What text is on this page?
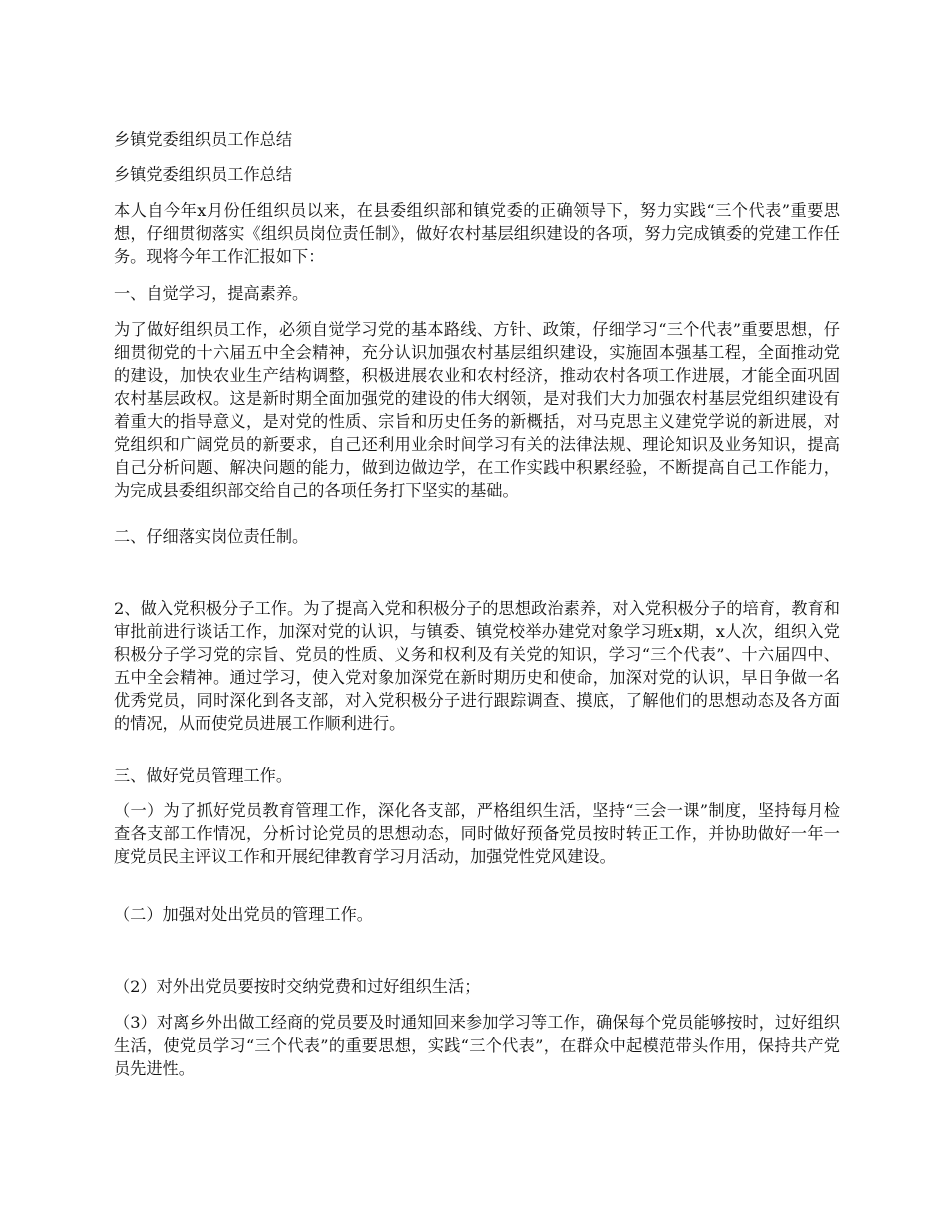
乡镇党委组织员工作总结

乡镇党委组织员工作总结

本人自今年x月份任组织员以来，在县委组织部和镇党委的正确领导下，努力实践“三个代表”重要思想，仔细贯彻落实《组织员岗位责任制》，做好农村基层组织建设的各项，努力完成镇委的党建工作任务。现将今年工作汇报如下：

一、自觉学习，提高素养。

为了做好组织员工作，必须自觉学习党的基本路线、方针、政策，仔细学习“三个代表”重要思想，仔细贯彻党的十六届五中全会精神，充分认识加强农村基层组织建设，实施固本强基工程，全面推动党的建设，加快农业生产结构调整，积极进展农业和农村经济，推动农村各项工作进展，才能全面巩固农村基层政权。这是新时期全面加强党的建设的伟大纲领，是对我们大力加强农村基层党组织建设有着重大的指导意义，是对党的性质、宗旨和历史任务的新概括，对马克思主义建党学说的新进展，对党组织和广阔党员的新要求，自己还利用业余时间学习有关的法律法规、理论知识及业务知识，提高自己分析问题、解决问题的能力，做到边做边学，在工作实践中积累经验，不断提高自己工作能力，为完成县委组织部交给自己的各项任务打下坚实的基础。

二、仔细落实岗位责任制。

2、做入党积极分子工作。为了提高入党和积极分子的思想政治素养，对入党积极分子的培育，教育和审批前进行谈话工作，加深对党的认识，与镇委、镇党校举办建党对象学习班x期，x人次，组织入党积极分子学习党的宗旨、党员的性质、义务和权利及有关党的知识，学习“三个代表”、十六届四中、五中全会精神。通过学习，使入党对象加深党在新时期历史和使命，加深对党的认识，早日争做一名优秀党员，同时深化到各支部，对入党积极分子进行跟踪调查、摸底，了解他们的思想动态及各方面的情况，从而使党员进展工作顺利进行。

三、做好党员管理工作。

（一）为了抓好党员教育管理工作，深化各支部，严格组织生活，坚持“三会一课”制度，坚持每月检查各支部工作情况，分析讨论党员的思想动态，同时做好预备党员按时转正工作，并协助做好一年一度党员民主评议工作和开展纪律教育学习月活动，加强党性党风建设。

（二）加强对处出党员的管理工作。

（2）对外出党员要按时交纳党费和过好组织生活；

（3）对离乡外出做工经商的党员要及时通知回来参加学习等工作，确保每个党员能够按时，过好组织生活，使党员学习“三个代表”的重要思想，实践“三个代表”，在群众中起模范带头作用，保持共产党员先进性。
